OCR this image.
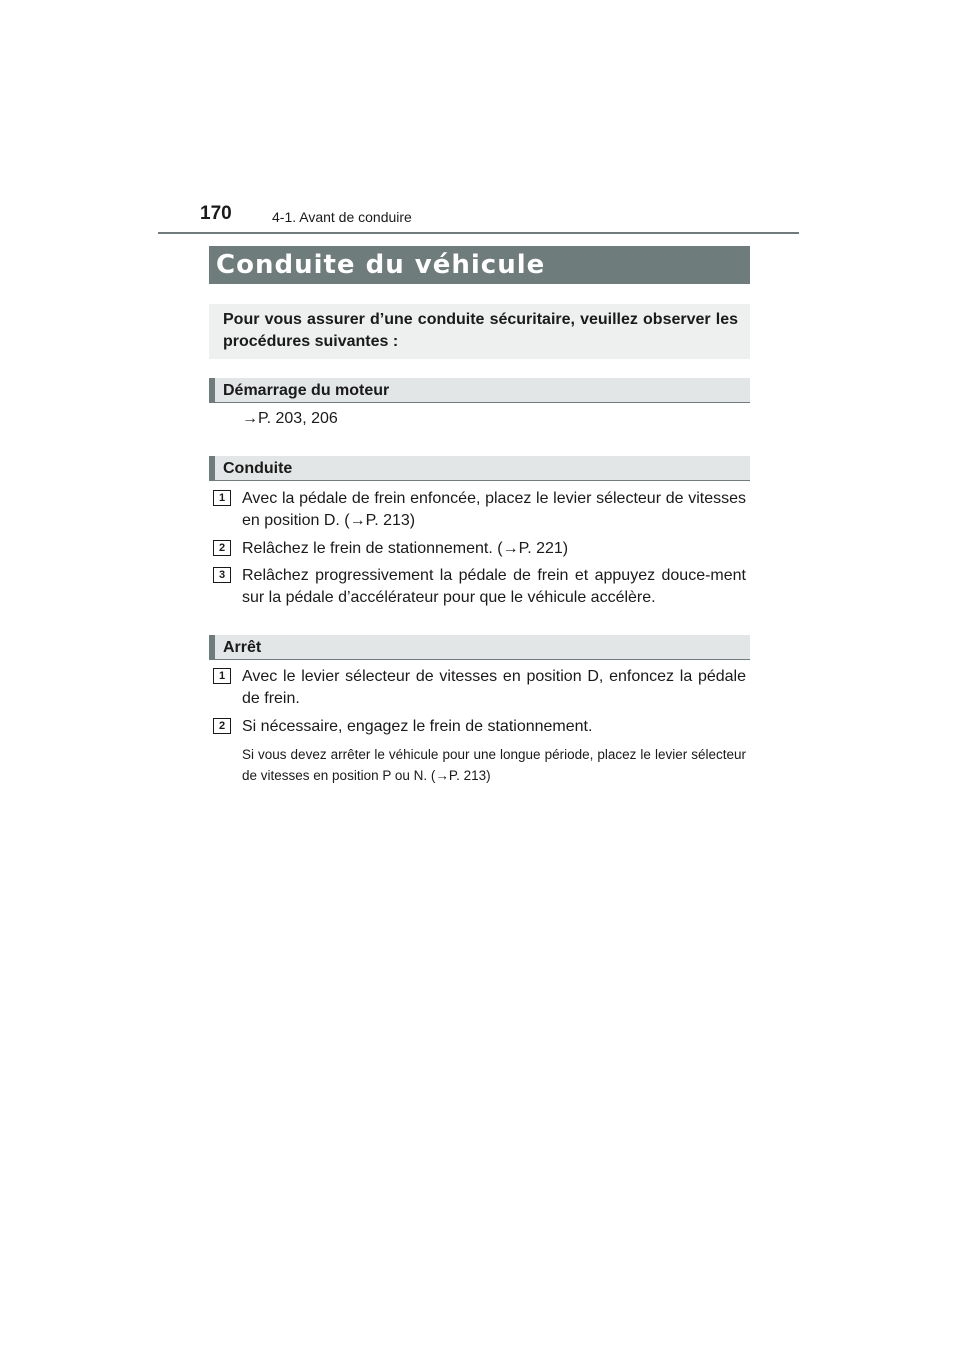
170	4-1. Avant de conduire
Conduite du véhicule
Pour vous assurer d’une conduite sécuritaire, veuillez observer les procédures suivantes :
Démarrage du moteur
→P. 203, 206
Conduite
1	Avec la pédale de frein enfoncée, placez le levier sélecteur de vitesses en position D. (→P. 213)
2	Relâchez le frein de stationnement. (→P. 221)
3	Relâchez progressivement la pédale de frein et appuyez douce-ment sur la pédale d’accélérateur pour que le véhicule accélère.
Arrêt
1	Avec le levier sélecteur de vitesses en position D, enfoncez la pédale de frein.
2	Si nécessaire, engagez le frein de stationnement.
Si vous devez arrêter le véhicule pour une longue période, placez le levier sélecteur de vitesses en position P ou N. (→P. 213)
